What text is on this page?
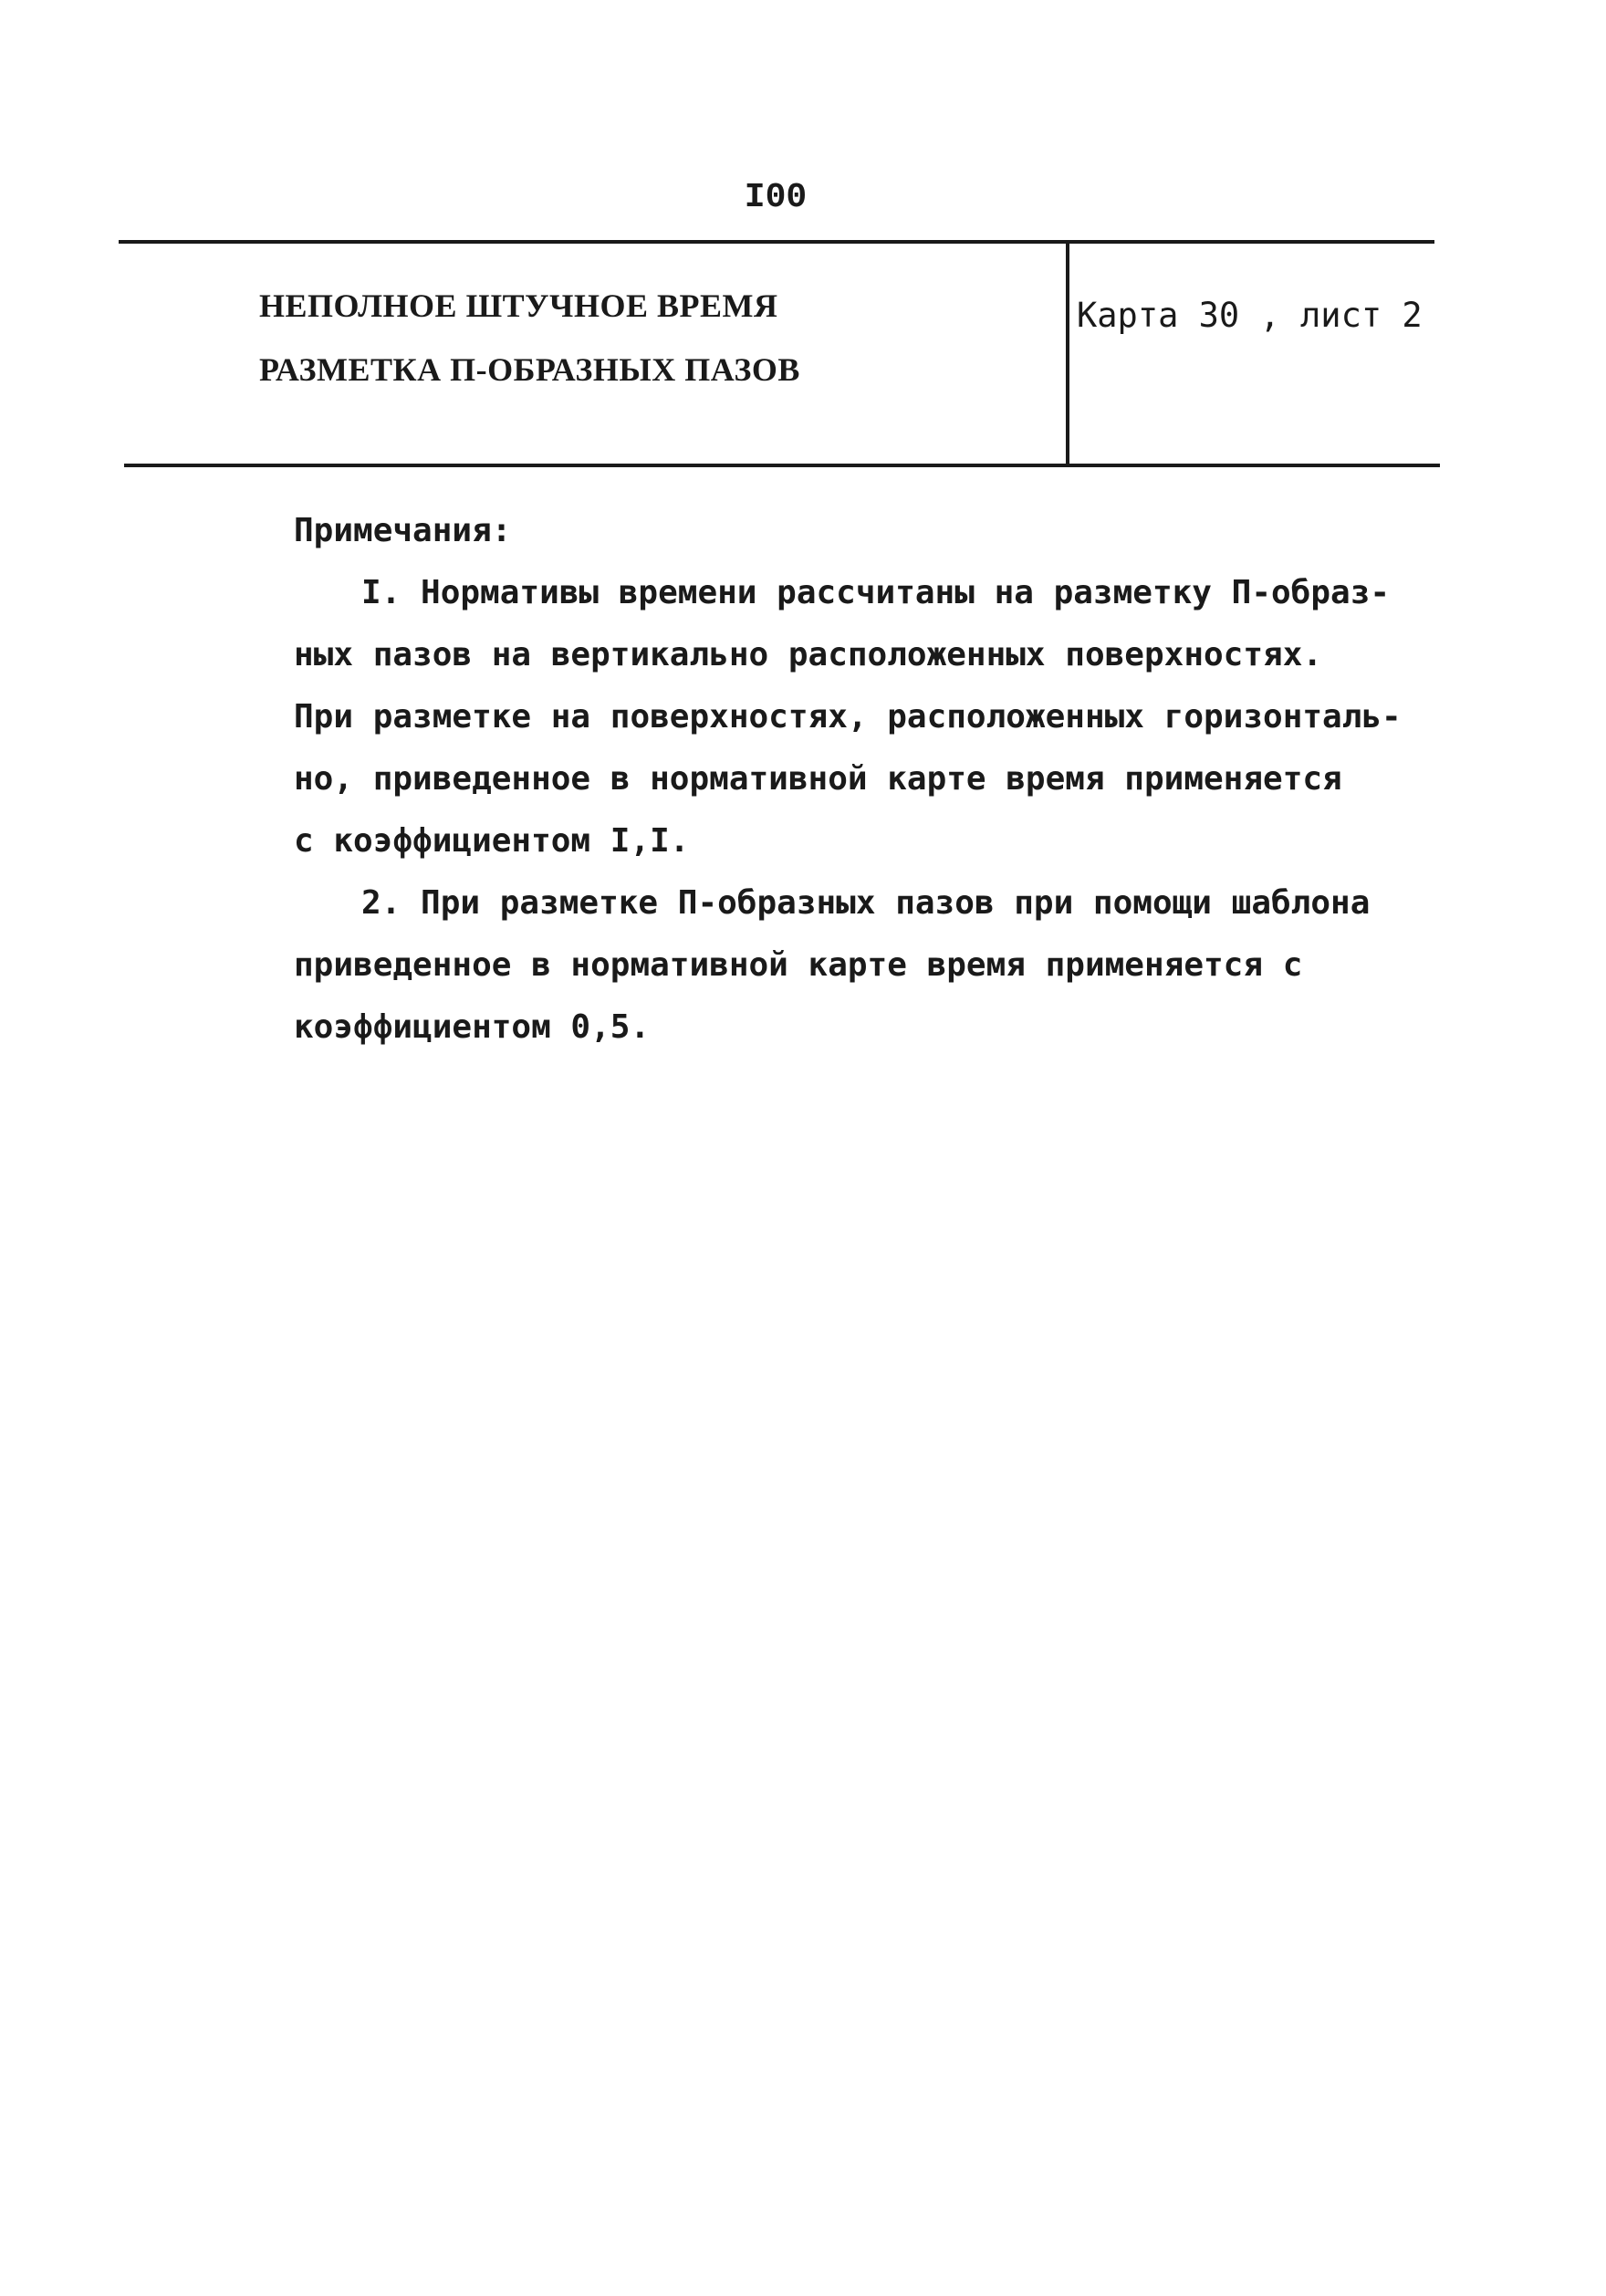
I00
НЕПОЛНОЕ ШТУЧНОЕ ВРЕМЯ
РАЗМЕТКА П-ОБРАЗНЫХ ПАЗОВ
Карта 30 , лист 2

Примечания:

I. Нормативы времени рассчитаны на разметку П-образ-

ных пазов на вертикально расположенных поверхностях.

При разметке на поверхностях, расположенных горизонталь-

но, приведенное в нормативной карте время применяется

с коэффициентом I,I.

2. При разметке П-образных пазов при помощи шаблона

приведенное в нормативной карте время применяется с

коэффициентом 0,5.
